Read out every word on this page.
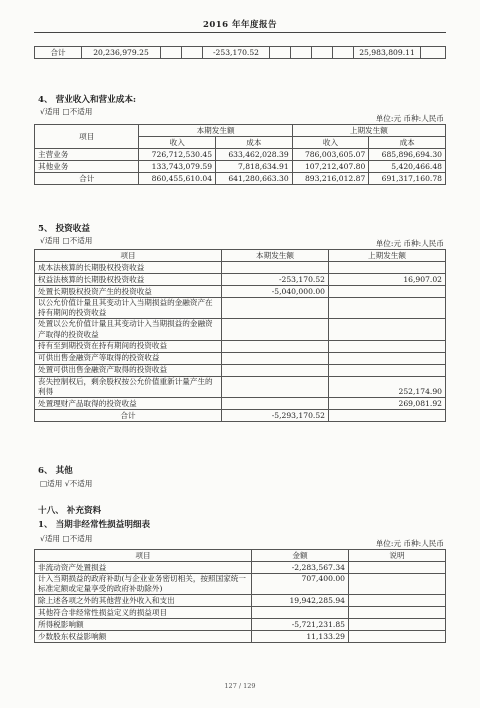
2016 年年度报告
合计	20,236,979.25			-253,170.52					25,983,809.11	
4、 营业收入和营业成本:
√适用 □不适用
单位:元 币种:人民币
项目	本期发生额		上期发生额	
	收入	成本	收入	成本
主营业务	726,712,530.45	633,462,028.39	786,003,605.07	685,896,694.30
其他业务	133,743,079.59	7,818,634.91	107,212,407.80	5,420,466.48
合计	860,455,610.04	641,280,663.30	893,216,012.87	691,317,160.78
5、 投资收益
√适用 □不适用	单位:元 币种:人民币
项目	本期发生额	上期发生额
成本法核算的长期股权投资收益		
权益法核算的长期股权投资收益	-253,170.52	16,907.02
处置长期股权投资产生的投资收益	-5,040,000.00	
以公允价值计量且其变动计入当期损益的金融资产在持有期间的投资收益		
处置以公允价值计量且其变动计入当期损益的金融资产取得的投资收益		
持有至到期投资在持有期间的投资收益		
可供出售金融资产等取得的投资收益		
处置可供出售金融资产取得的投资收益		
丧失控制权后，剩余股权按公允价值重新计量产生的利得		252,174.90
处置理财产品取得的投资收益		269,081.92
合计	-5,293,170.52	
6、 其他
□适用 √不适用
十八、 补充资料
1、 当期非经常性损益明细表
√适用 □不适用
单位:元 币种:人民币
项目	金额	说明
非流动资产处置损益	-2,283,567.34	
计入当期损益的政府补助(与企业业务密切相关，按照国家统一标准定额或定量享受的政府补助除外)	707,400.00	
除上述各项之外的其他营业外收入和支出	19,942,285.94	
其他符合非经常性损益定义的损益项目		
所得税影响额	-5,721,231.85	
少数股东权益影响额	11,133.29	
127 / 129
